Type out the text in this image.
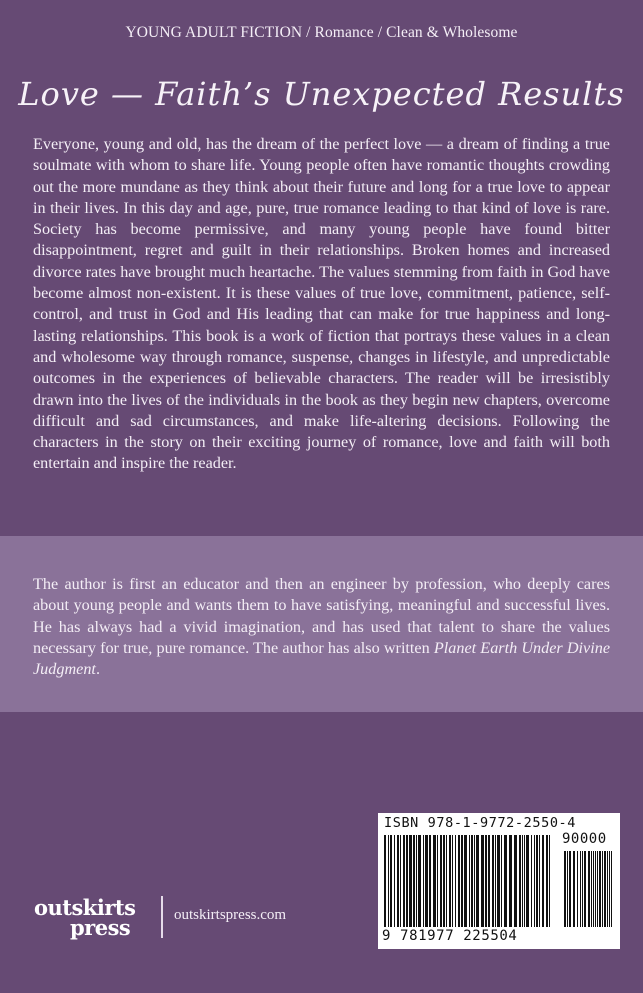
YOUNG ADULT FICTION / Romance / Clean & Wholesome
Love — Faith’s Unexpected Results

Everyone, young and old, has the dream of the perfect love — a dream of finding a true soulmate with whom to share life. Young people often have romantic thoughts crowding out the more mundane as they think about their future and long for a true love to appear in their lives. In this day and age, pure, true romance leading to that kind of love is rare. Society has become permissive, and many young people have found bitter disappointment, regret and guilt in their relationships. Broken homes and increased divorce rates have brought much heartache. The values stemming from faith in God have become almost non-existent. It is these values of true love, commitment, patience, self-control, and trust in God and His leading that can make for true happiness and long-lasting relationships. This book is a work of fiction that portrays these values in a clean and wholesome way through romance, suspense, changes in lifestyle, and unpredictable outcomes in the experiences of believable characters. The reader will be irresistibly drawn into the lives of the individuals in the book as they begin new chapters, overcome difficult and sad circumstances, and make life-altering decisions. Following the characters in the story on their exciting journey of romance, love and faith will both entertain and inspire the reader.

The author is first an educator and then an engineer by profession, who deeply cares about young people and wants them to have satisfying, meaningful and successful lives. He has always had a vivid imagination, and has used that talent to share the values necessary for true, pure romance. The author has also written Planet Earth Under Divine Judgment.

ISBN 978-1-9772-2550-4
90000
9 781977 225504
outskirts
press	outskirtspress.com
